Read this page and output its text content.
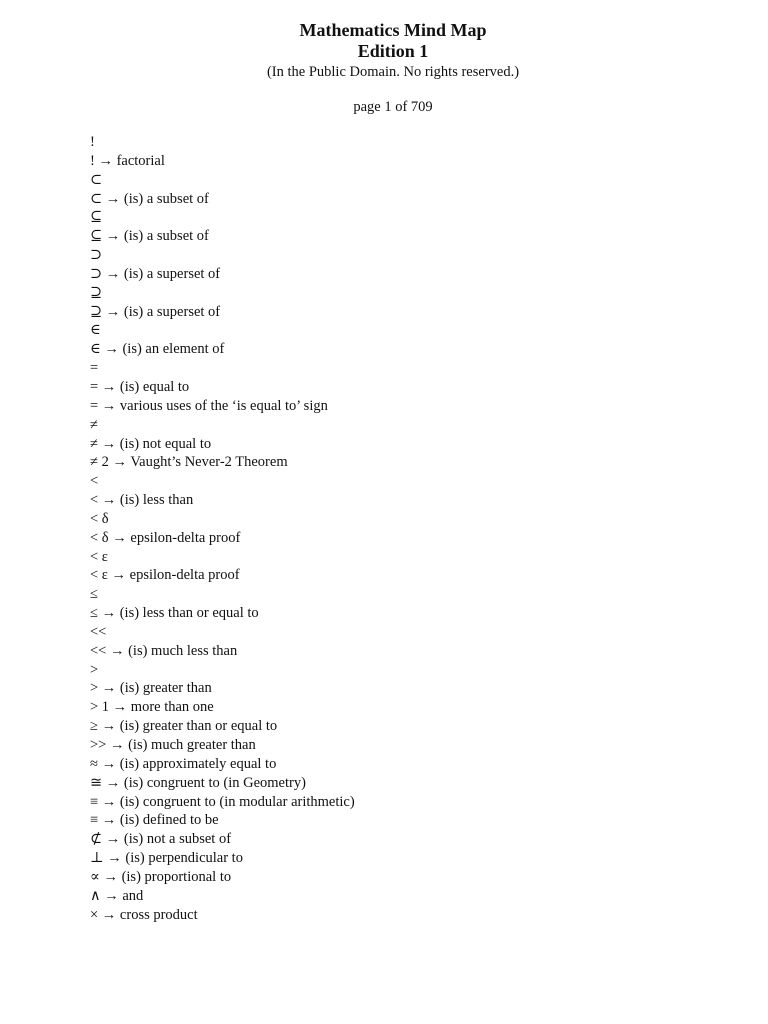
Mathematics Mind Map
Edition 1
(In the Public Domain. No rights reserved.)
page 1 of 709
!
! → factorial
⊂
⊂ → (is) a subset of
⊆
⊆ → (is) a subset of
⊃
⊃ → (is) a superset of
⊇
⊇ → (is) a superset of
∈
∈ → (is) an element of
=
= → (is) equal to
= → various uses of the ‘is equal to’ sign
≠
≠ → (is) not equal to
≠ 2 → Vaught’s Never-2 Theorem
<
< → (is) less than
< δ
< δ → epsilon-delta proof
< ε
< ε → epsilon-delta proof
≤
≤ → (is) less than or equal to
<<
<< → (is) much less than
>
> → (is) greater than
> 1 → more than one
≥ → (is) greater than or equal to
>> → (is) much greater than
≈ → (is) approximately equal to
≅ → (is) congruent to (in Geometry)
≡ → (is) congruent to (in modular arithmetic)
≡ → (is) defined to be
⊄ → (is) not a subset of
⊥ → (is) perpendicular to
∝ → (is) proportional to
∧ → and
× → cross product
